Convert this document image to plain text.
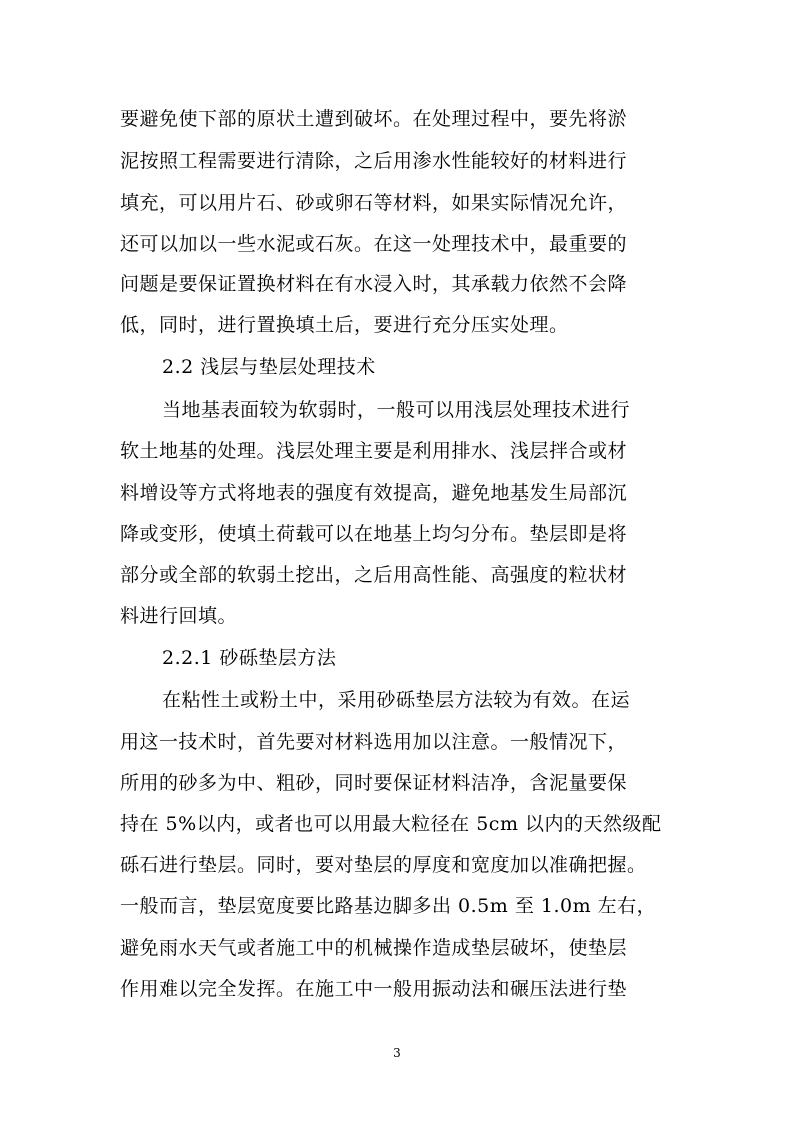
要避免使下部的原状土遭到破坏。在处理过程中，要先将淤
泥按照工程需要进行清除，之后用渗水性能较好的材料进行
填充，可以用片石、砂或卵石等材料，如果实际情况允许，
还可以加以一些水泥或石灰。在这一处理技术中，最重要的
问题是要保证置换材料在有水浸入时，其承载力依然不会降
低，同时，进行置换填土后，要进行充分压实处理。
2.2 浅层与垫层处理技术
当地基表面较为软弱时，一般可以用浅层处理技术进行
软土地基的处理。浅层处理主要是利用排水、浅层拌合或材
料增设等方式将地表的强度有效提高，避免地基发生局部沉
降或变形，使填土荷载可以在地基上均匀分布。垫层即是将
部分或全部的软弱土挖出，之后用高性能、高强度的粒状材
料进行回填。
2.2.1 砂砾垫层方法
在粘性土或粉土中，采用砂砾垫层方法较为有效。在运
用这一技术时，首先要对材料选用加以注意。一般情况下，
所用的砂多为中、粗砂，同时要保证材料洁净，含泥量要保
持在 5%以内，或者也可以用最大粒径在 5cm 以内的天然级配
砾石进行垫层。同时，要对垫层的厚度和宽度加以准确把握。
一般而言，垫层宽度要比路基边脚多出 0.5m 至 1.0m 左右，
避免雨水天气或者施工中的机械操作造成垫层破坏，使垫层
作用难以完全发挥。在施工中一般用振动法和碾压法进行垫
3
